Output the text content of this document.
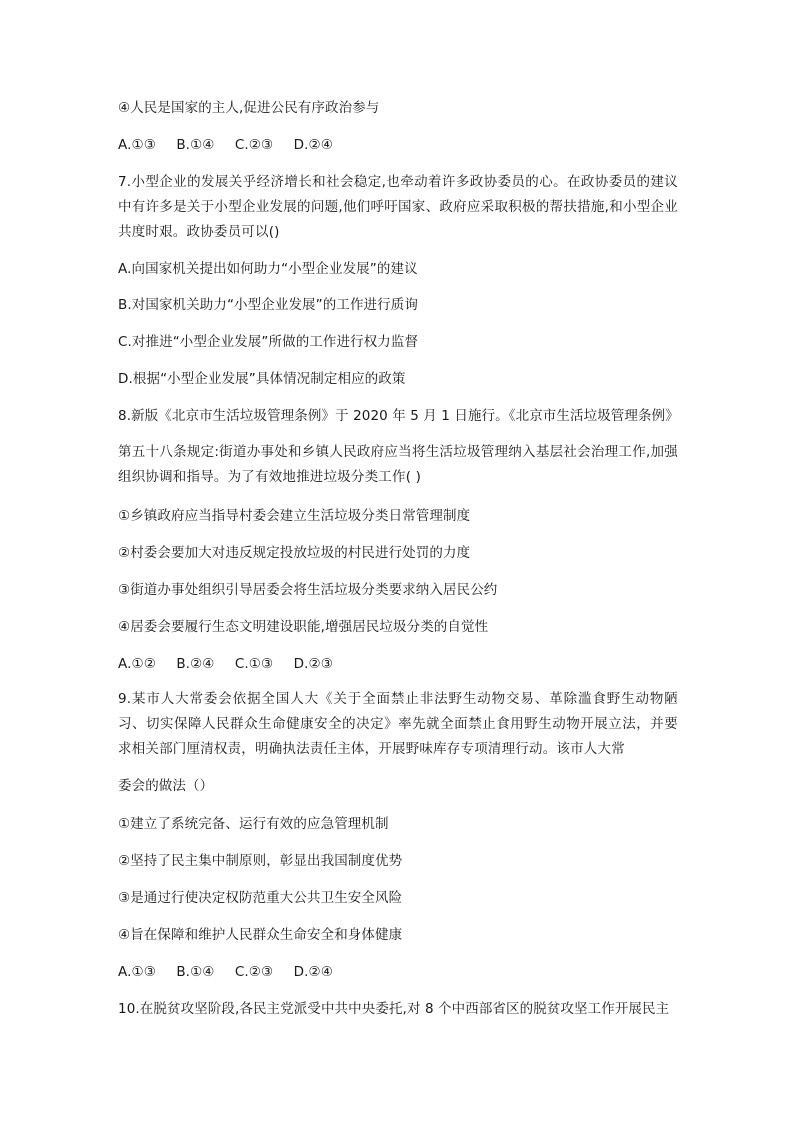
④人民是国家的主人,促进公民有序政治参与
A.①③ B.①④ C.②③ D.②④
7.小型企业的发展关乎经济增长和社会稳定,也牵动着许多政协委员的心。在政协委员的建议中有许多是关于小型企业发展的问题,他们呼吁国家、政府应采取积极的帮扶措施,和小型企业共度时艰。政协委员可以()
A.向国家机关提出如何助力“小型企业发展”的建议
B.对国家机关助力“小型企业发展”的工作进行质询
C.对推进“小型企业发展”所做的工作进行权力监督
D.根据“小型企业发展”具体情况制定相应的政策
8.新版《北京市生活垃圾管理条例》于 2020 年 5 月 1 日施行。《北京市生活垃圾管理条例》
第五十八条规定:街道办事处和乡镇人民政府应当将生活垃圾管理纳入基层社会治理工作,加强组织协调和指导。为了有效地推进垃圾分类工作( )
①乡镇政府应当指导村委会建立生活垃圾分类日常管理制度
②村委会要加大对违反规定投放垃圾的村民进行处罚的力度
③街道办事处组织引导居委会将生活垃圾分类要求纳入居民公约
④居委会要履行生态文明建设职能,增强居民垃圾分类的自觉性
A.①② B.②④ C.①③ D.②③
9.某市人大常委会依据全国人大《关于全面禁止非法野生动物交易、革除滥食野生动物陋习、切实保障人民群众生命健康安全的决定》率先就全面禁止食用野生动物开展立法，并要求相关部门厘清权责，明确执法责任主体，开展野味库存专项清理行动。该市人大常
委会的做法（）
①建立了系统完备、运行有效的应急管理机制
②坚持了民主集中制原则，彰显出我国制度优势
③是通过行使决定权防范重大公共卫生安全风险
④旨在保障和维护人民群众生命安全和身体健康
A.①③ B.①④ C.②③ D.②④
10.在脱贫攻坚阶段,各民主党派受中共中央委托,对 8 个中西部省区的脱贫攻坚工作开展民主
